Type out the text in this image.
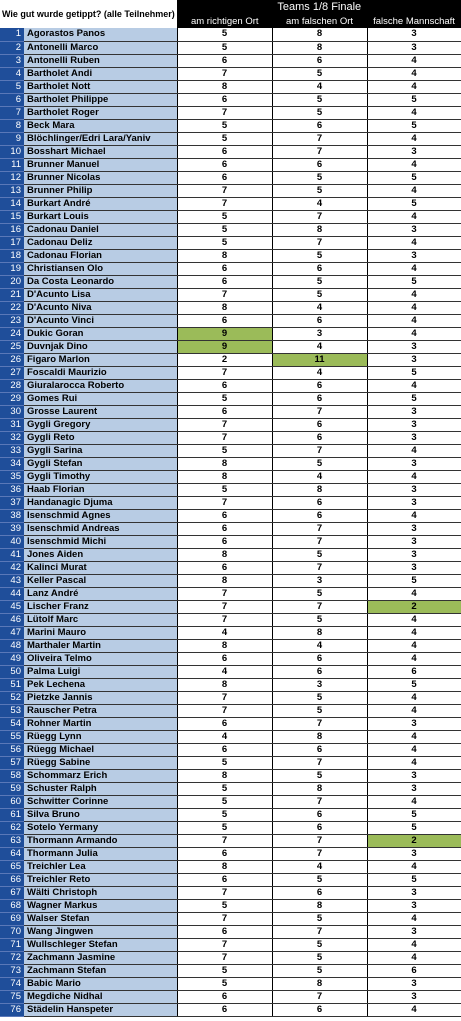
Wie gut wurde getippt? (alle Teilnehmer)		Teams 1/8 Finale		
		am richtigen Ort	am falschen Ort	falsche Mannschaft
1	Agorastos Panos	5	8	3
2	Antonelli Marco	5	8	3
3	Antonelli Ruben	6	6	4
4	Bartholet Andi	7	5	4
5	Bartholet Nott	8	4	4
6	Bartholet Philippe	6	5	5
7	Bartholet Roger	7	5	4
8	Beck Mara	5	6	5
9	Blöchlinger/Edri Lara/Yaniv	5	7	4
10	Bosshart Michael	6	7	3
11	Brunner Manuel	6	6	4
12	Brunner Nicolas	6	5	5
13	Brunner Philip	7	5	4
14	Burkart André	7	4	5
15	Burkart Louis	5	7	4
16	Cadonau Daniel	5	8	3
17	Cadonau Deliz	5	7	4
18	Cadonau Florian	8	5	3
19	Christiansen Olo	6	6	4
20	Da Costa Leonardo	6	5	5
21	D'Acunto Lisa	7	5	4
22	D'Acunto Niva	8	4	4
23	D'Acunto Vinci	6	6	4
24	Dukic Goran	9	3	4
25	Duvnjak Dino	9	4	3
26	Figaro Marlon	2	11	3
27	Foscaldi Maurizio	7	4	5
28	Giuralarocca Roberto	6	6	4
29	Gomes Rui	5	6	5
30	Grosse Laurent	6	7	3
31	Gygli Gregory	7	6	3
32	Gygli Reto	7	6	3
33	Gygli Sarina	5	7	4
34	Gygli Stefan	8	5	3
35	Gygli Timothy	8	4	4
36	Haab Florian	5	8	3
37	Handanagic Djuma	7	6	3
38	Isenschmid Agnes	6	6	4
39	Isenschmid Andreas	6	7	3
40	Isenschmid Michi	6	7	3
41	Jones Aiden	8	5	3
42	Kalinci Murat	6	7	3
43	Keller Pascal	8	3	5
44	Lanz André	7	5	4
45	Lischer Franz	7	7	2
46	Lütolf Marc	7	5	4
47	Marini Mauro	4	8	4
48	Marthaler Martin	8	4	4
49	Oliveira Telmo	6	6	4
50	Palma Luigi	4	6	6
51	Pek Lechena	8	3	5
52	Pietzke Jannis	7	5	4
53	Rauscher Petra	7	5	4
54	Rohner Martin	6	7	3
55	Rüegg Lynn	4	8	4
56	Rüegg Michael	6	6	4
57	Rüegg Sabine	5	7	4
58	Schommarz Erich	8	5	3
59	Schuster Ralph	5	8	3
60	Schwitter Corinne	5	7	4
61	Silva Bruno	5	6	5
62	Sotelo Yermany	5	6	5
63	Thormann Armando	7	7	2
64	Thormann Julia	6	7	3
65	Treichler Lea	8	4	4
66	Treichler Reto	6	5	5
67	Wälti Christoph	7	6	3
68	Wagner Markus	5	8	3
69	Walser Stefan	7	5	4
70	Wang Jingwen	6	7	3
71	Wullschleger Stefan	7	5	4
72	Zachmann Jasmine	7	5	4
73	Zachmann Stefan	5	5	6
74	Babic Mario	5	8	3
75	Megdiche Nidhal	6	7	3
76	Städelin Hanspeter	6	6	4
